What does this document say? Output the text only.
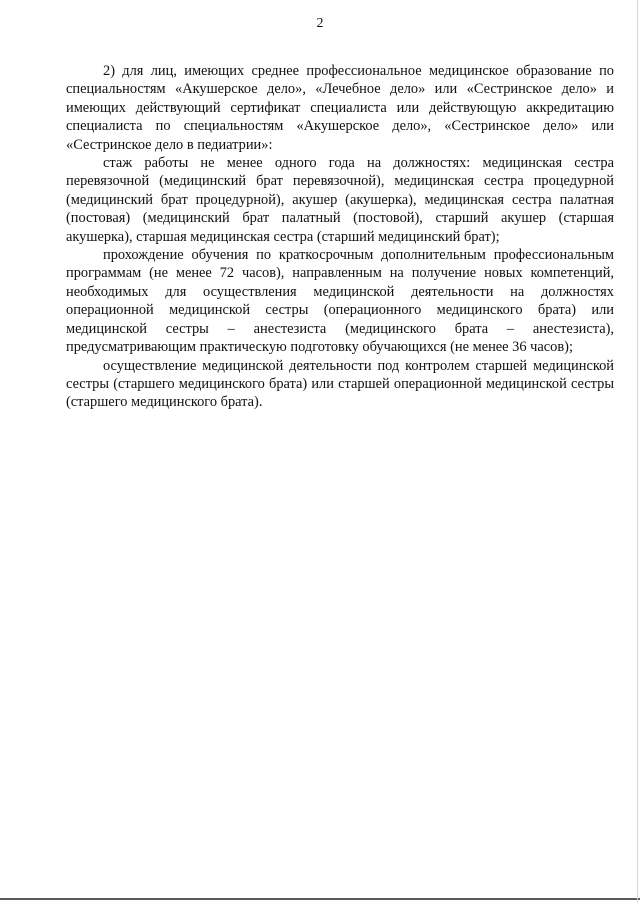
2

2) для лиц, имеющих среднее профессиональное медицинское образование по специальностям «Акушерское дело», «Лечебное дело» или «Сестринское дело» и имеющих действующий сертификат специалиста или действующую аккредитацию специалиста по специальностям «Акушерское дело», «Сестринское дело» или «Сестринское дело в педиатрии»:

стаж работы не менее одного года на должностях: медицинская сестра перевязочной (медицинский брат перевязочной), медицинская сестра процедурной (медицинский брат процедурной), акушер (акушерка), медицинская сестра палатная (постовая) (медицинский брат палатный (постовой), старший акушер (старшая акушерка), старшая медицинская сестра (старший медицинский брат);

прохождение обучения по краткосрочным дополнительным профессиональным программам (не менее 72 часов), направленным на получение новых компетенций, необходимых для осуществления медицинской деятельности на должностях операционной медицинской сестры (операционного медицинского брата) или медицинской сестры – анестезиста (медицинского брата – анестезиста), предусматривающим практическую подготовку обучающихся (не менее 36 часов);

осуществление медицинской деятельности под контролем старшей медицинской сестры (старшего медицинского брата) или старшей операционной медицинской сестры (старшего медицинского брата).
